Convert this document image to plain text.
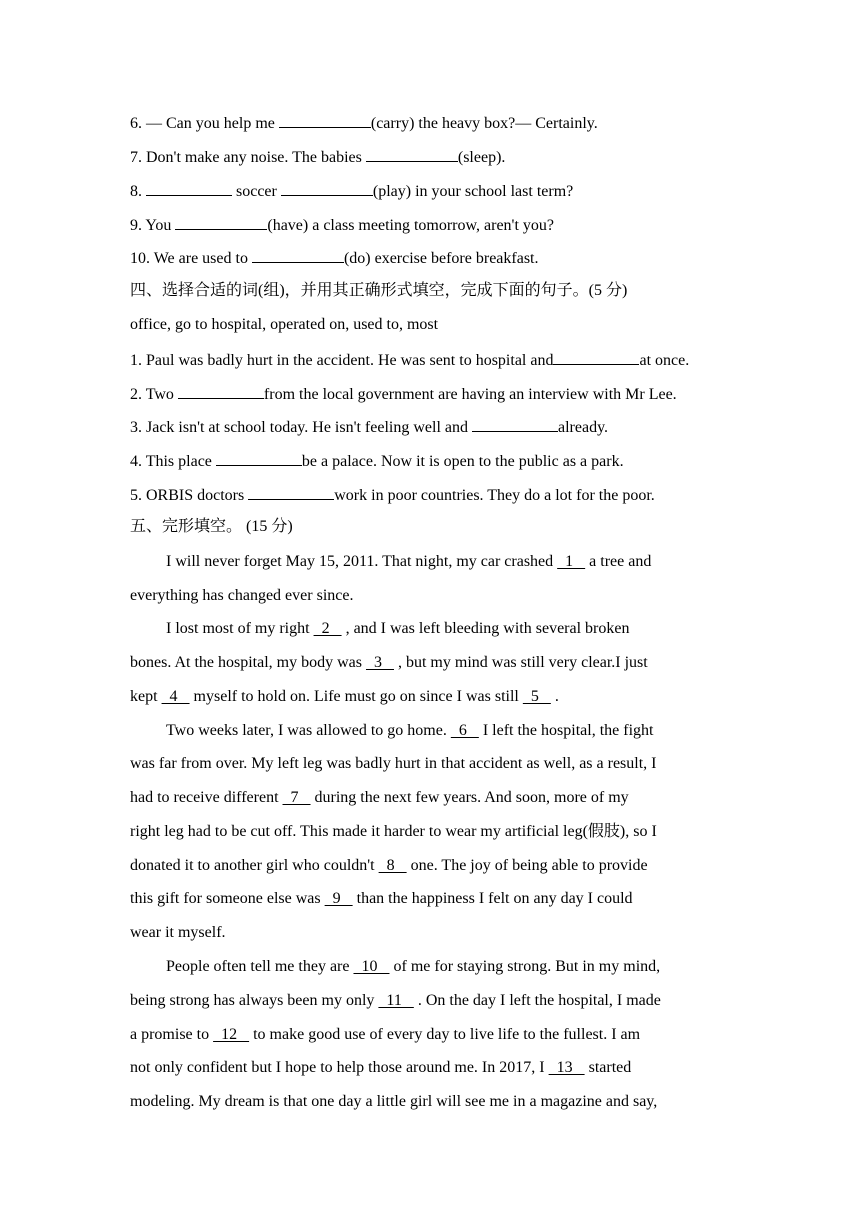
6. — Can you help me	(carry) the heavy box?— Certainly.
7. Don't make any noise. The babies	(sleep).
8.	soccer	(play) in your school last term?
9. You	(have) a class meeting tomorrow, aren't you?
10. We are used to	(do) exercise before breakfast.
四、选择合适的词(组)，并用其正确形式填空，完成下面的句子。(5 分)
office, go to hospital, operated on, used to, most
1. Paul was badly hurt in the accident. He was sent to hospital and	at once.
2. Two	from the local government are having an interview with Mr Lee.
3. Jack isn't at school today. He isn't feeling well and	already.
4. This place	be a palace. Now it is open to the public as a park.
5. ORBIS doctors	work in poor countries. They do a lot for the poor.
五、完形填空。 (15 分)
I will never forget May 15, 2011. That night, my car crashed   1    a tree and
everything has changed ever since.
I lost most of my right   2    , and I was left bleeding with several broken
bones. At the hospital, my body was   3    , but my mind was still very clear.I just
kept   4    myself to hold on. Life must go on since I was still   5    .
Two weeks later, I was allowed to go home.   6    I left the hospital, the fight
was far from over. My left leg was badly hurt in that accident as well, as a result, I
had to receive different   7    during the next few years. And soon, more of my
right leg had to be cut off. This made it harder to wear my artificial leg(假肢), so I
donated it to another girl who couldn't   8    one. The joy of being able to provide
this gift for someone else was   9    than the happiness I felt on any day I could
wear it myself.
People often tell me they are   10    of me for staying strong. But in my mind,
being strong has always been my only   11    . On the day I left the hospital, I made
a promise to   12    to make good use of every day to live life to the fullest. I am
not only confident but I hope to help those around me. In 2017, I   13    started
modeling. My dream is that one day a little girl will see me in a magazine and say,
